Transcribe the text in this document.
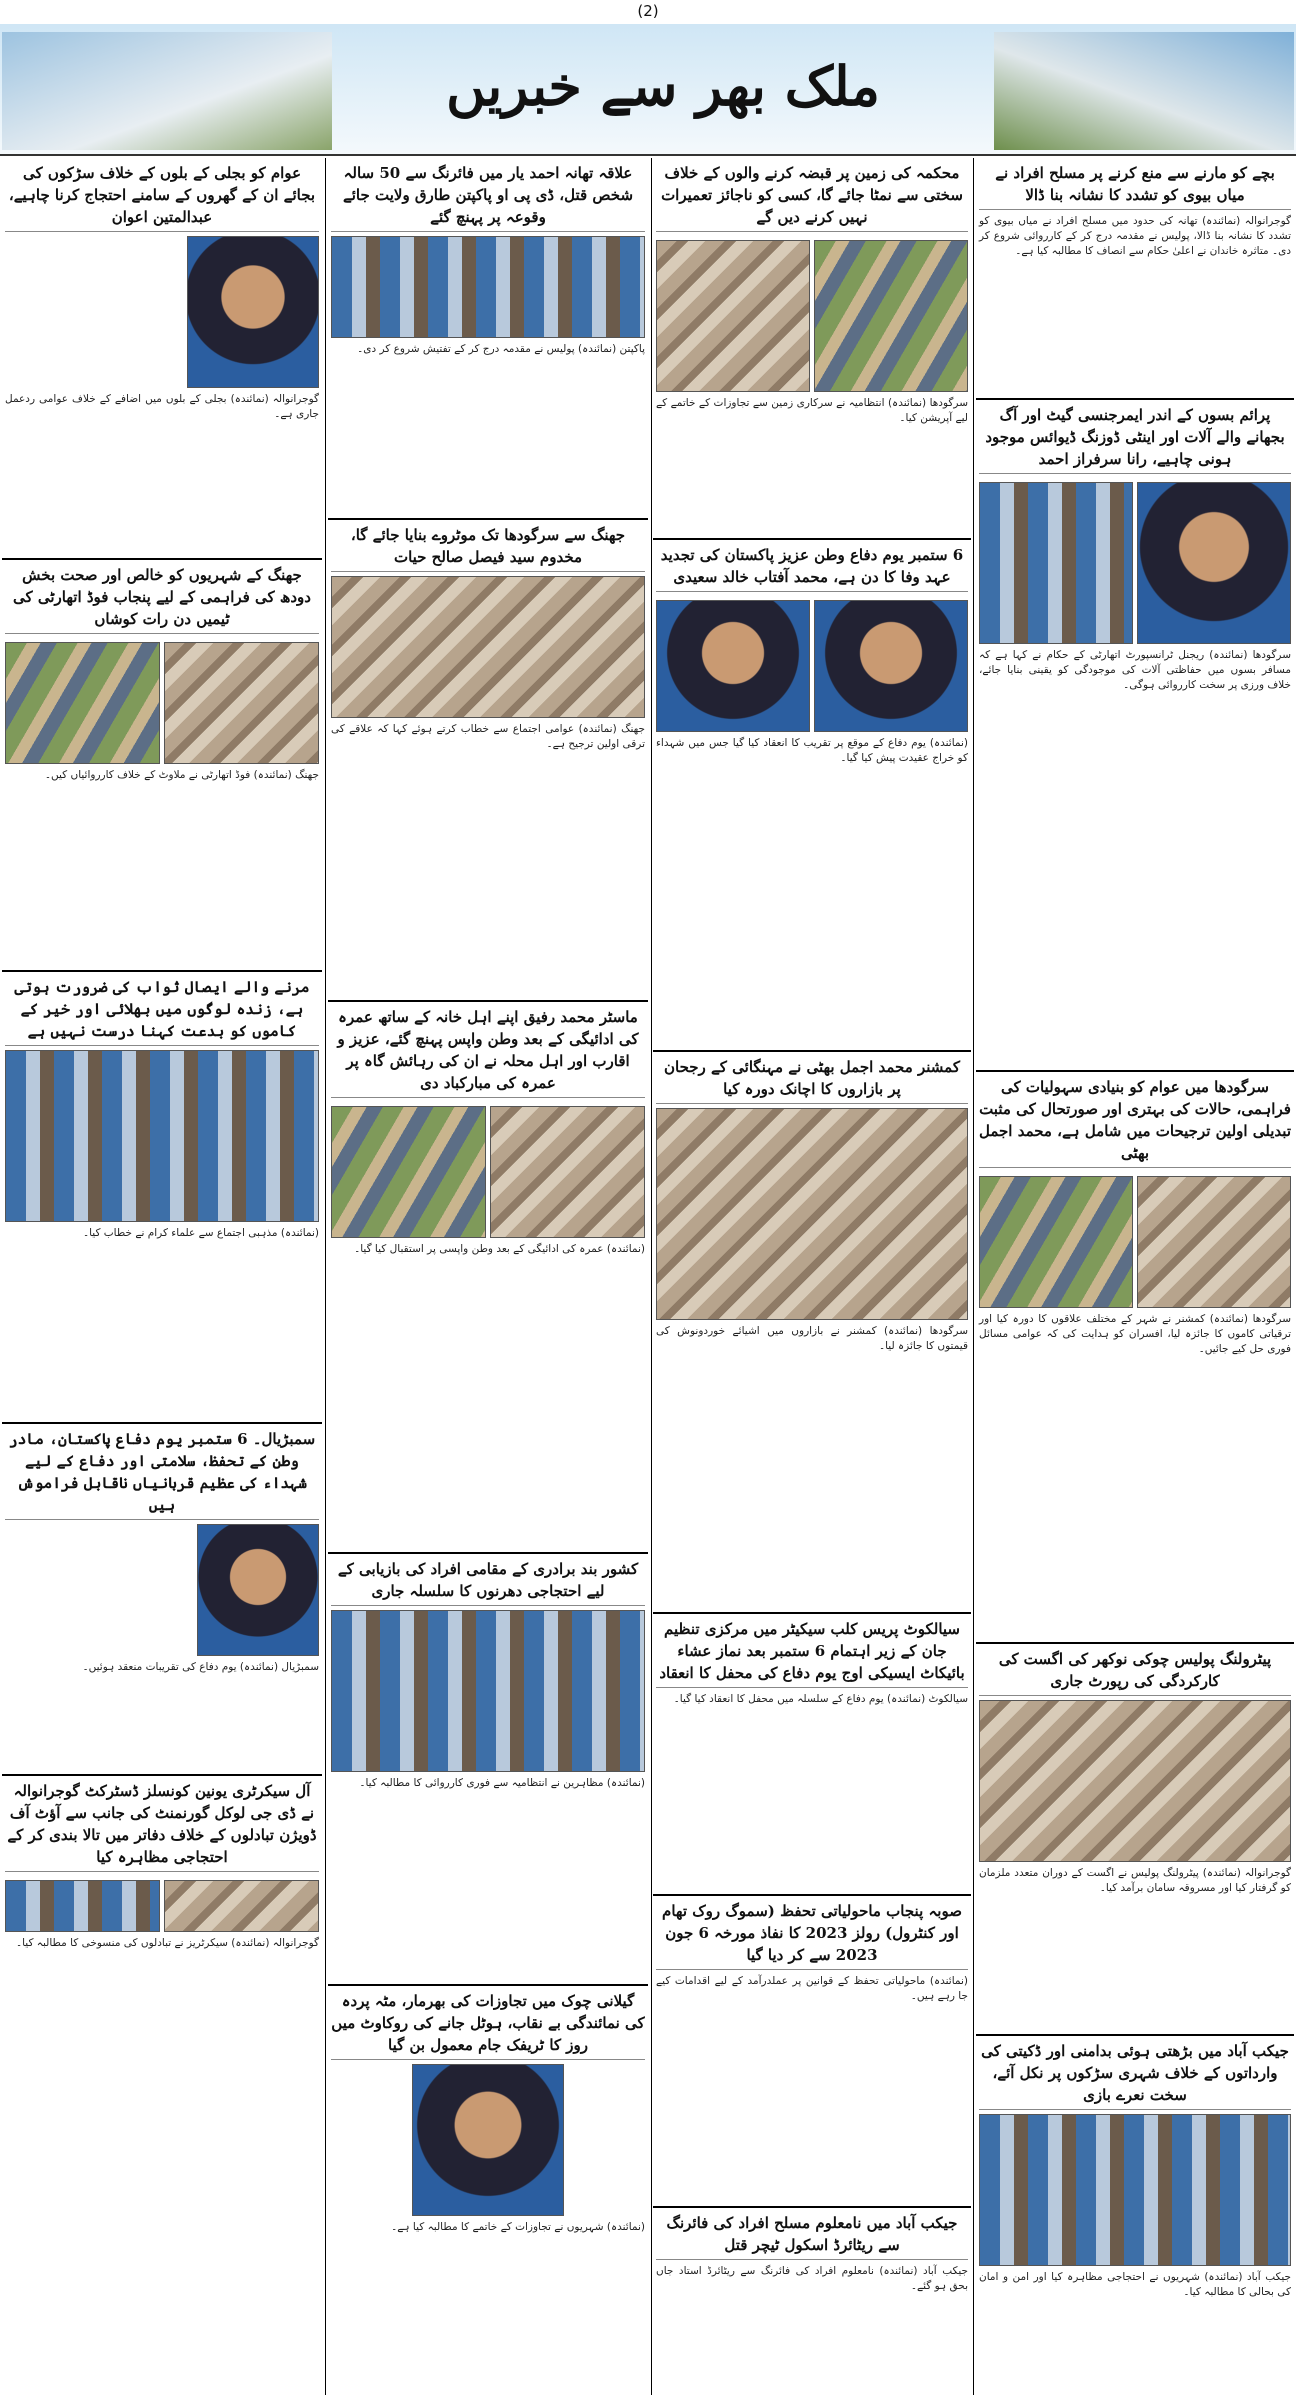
(2)
ملک بھر سے خبریں
بچے کو مارنے سے منع کرنے پر مسلح افراد نے میاں بیوی کو تشدد کا نشانہ بنا ڈالا
گوجرانوالہ (نمائندہ) تھانہ کی حدود میں مسلح افراد نے میاں بیوی کو تشدد کا نشانہ بنا ڈالا، پولیس نے مقدمہ درج کر کے کارروائی شروع کر دی۔ متاثرہ خاندان نے اعلیٰ حکام سے انصاف کا مطالبہ کیا ہے۔
پرائم بسوں کے اندر ایمرجنسی گیٹ اور آگ بجھانے والے آلات اور اینٹی ڈوزنگ ڈیوائس موجود ہونی چاہیے، رانا سرفراز احمد
سرگودھا (نمائندہ) ریجنل ٹرانسپورٹ اتھارٹی کے حکام نے کہا ہے کہ مسافر بسوں میں حفاظتی آلات کی موجودگی کو یقینی بنایا جائے، خلاف ورزی پر سخت کارروائی ہوگی۔
سرگودھا میں عوام کو بنیادی سہولیات کی فراہمی، حالات کی بہتری اور صورتحال کی مثبت تبدیلی اولین ترجیحات میں شامل ہے، محمد اجمل بھٹی
سرگودھا (نمائندہ) کمشنر نے شہر کے مختلف علاقوں کا دورہ کیا اور ترقیاتی کاموں کا جائزہ لیا، افسران کو ہدایت کی کہ عوامی مسائل فوری حل کیے جائیں۔
پیٹرولنگ پولیس چوکی نوکھر کی اگست کی کارکردگی کی رپورٹ جاری
گوجرانوالہ (نمائندہ) پیٹرولنگ پولیس نے اگست کے دوران متعدد ملزمان کو گرفتار کیا اور مسروقہ سامان برآمد کیا۔
جیکب آباد میں بڑھتی ہوئی بدامنی اور ڈکیتی کی وارداتوں کے خلاف شہری سڑکوں پر نکل آئے، سخت نعرے بازی
جیکب آباد (نمائندہ) شہریوں نے احتجاجی مظاہرہ کیا اور امن و امان کی بحالی کا مطالبہ کیا۔
محکمہ کی زمین پر قبضہ کرنے والوں کے خلاف سختی سے نمٹا جائے گا، کسی کو ناجائز تعمیرات نہیں کرنے دیں گے
سرگودھا (نمائندہ) انتظامیہ نے سرکاری زمین سے تجاوزات کے خاتمے کے لیے آپریشن کیا۔
6 ستمبر یوم دفاع وطن عزیز پاکستان کی تجدید عہد وفا کا دن ہے، محمد آفتاب خالد سعیدی
(نمائندہ) یوم دفاع کے موقع پر تقریب کا انعقاد کیا گیا جس میں شہداء کو خراج عقیدت پیش کیا گیا۔
کمشنر محمد اجمل بھٹی نے مہنگائی کے رجحان پر بازاروں کا اچانک دورہ کیا
سرگودھا (نمائندہ) کمشنر نے بازاروں میں اشیائے خوردونوش کی قیمتوں کا جائزہ لیا۔
سیالکوٹ پریس کلب سیکیٹر میں مرکزی تنظیم جان کے زیر اہتمام 6 ستمبر بعد نماز عشاء بائیکاٹ ایسیکی اوج یوم دفاع کی محفل کا انعقاد
سیالکوٹ (نمائندہ) یوم دفاع کے سلسلہ میں محفل کا انعقاد کیا گیا۔
صوبہ پنجاب ماحولیاتی تحفظ (سموگ روک تھام اور کنٹرول) رولز 2023 کا نفاذ مورخہ 6 جون 2023 سے کر دیا گیا
(نمائندہ) ماحولیاتی تحفظ کے قوانین پر عملدرآمد کے لیے اقدامات کیے جا رہے ہیں۔
جیکب آباد میں نامعلوم مسلح افراد کی فائرنگ سے ریٹائرڈ اسکول ٹیچر قتل
جیکب آباد (نمائندہ) نامعلوم افراد کی فائرنگ سے ریٹائرڈ استاد جاں بحق ہو گئے۔
علاقہ تھانہ احمد یار میں فائرنگ سے 50 سالہ شخص قتل، ڈی پی او پاکپتن طارق ولایت جائے وقوعہ پر پہنچ گئے
پاکپتن (نمائندہ) پولیس نے مقدمہ درج کر کے تفتیش شروع کر دی۔
جھنگ سے سرگودھا تک موٹروے بنایا جائے گا، مخدوم سید فیصل صالح حیات
جھنگ (نمائندہ) عوامی اجتماع سے خطاب کرتے ہوئے کہا کہ علاقے کی ترقی اولین ترجیح ہے۔
ماسٹر محمد رفیق اپنے اہل خانہ کے ساتھ عمرہ کی ادائیگی کے بعد وطن واپس پہنچ گئے، عزیز و اقارب اور اہل محلہ نے ان کی رہائش گاہ پر عمرہ کی مبارکباد دی
(نمائندہ) عمرہ کی ادائیگی کے بعد وطن واپسی پر استقبال کیا گیا۔
کشور بند برادری کے مقامی افراد کی بازیابی کے لیے احتجاجی دھرنوں کا سلسلہ جاری
(نمائندہ) مظاہرین نے انتظامیہ سے فوری کارروائی کا مطالبہ کیا۔
گیلانی چوک میں تجاوزات کی بھرمار، مٹہ پردہ کی نمائندگی بے نقاب، ہوٹل جانے کی روکاوٹ میں روز کا ٹریفک جام معمول بن گیا
(نمائندہ) شہریوں نے تجاوزات کے خاتمے کا مطالبہ کیا ہے۔
عوام کو بجلی کے بلوں کے خلاف سڑکوں کی بجائے ان کے گھروں کے سامنے احتجاج کرنا چاہیے، عبدالمتین اعوان
گوجرانوالہ (نمائندہ) بجلی کے بلوں میں اضافے کے خلاف عوامی ردعمل جاری ہے۔
جھنگ کے شہریوں کو خالص اور صحت بخش دودھ کی فراہمی کے لیے پنجاب فوڈ اتھارٹی کی ٹیمیں دن رات کوشاں
جھنگ (نمائندہ) فوڈ اتھارٹی نے ملاوٹ کے خلاف کارروائیاں کیں۔
مرنے والے ایصال ثواب کی ضرورت ہوتی ہے، زندہ لوگوں میں بھلائی اور خیر کے کاموں کو بدعت کہنا درست نہیں ہے
(نمائندہ) مذہبی اجتماع سے علماء کرام نے خطاب کیا۔
سمبڑیال۔ 6 ستمبر یوم دفاع پاکستان، مادر وطن کے تحفظ، سلامتی اور دفاع کے لیے شہداء کی عظیم قربانیاں ناقابل فراموش ہیں
سمبڑیال (نمائندہ) یوم دفاع کی تقریبات منعقد ہوئیں۔
آل سیکرٹری یونین کونسلز ڈسٹرکٹ گوجرانوالہ نے ڈی جی لوکل گورنمنٹ کی جانب سے آؤٹ آف ڈویژن تبادلوں کے خلاف دفاتر میں تالا بندی کر کے احتجاجی مظاہرہ کیا
گوجرانوالہ (نمائندہ) سیکرٹریز نے تبادلوں کی منسوخی کا مطالبہ کیا۔
